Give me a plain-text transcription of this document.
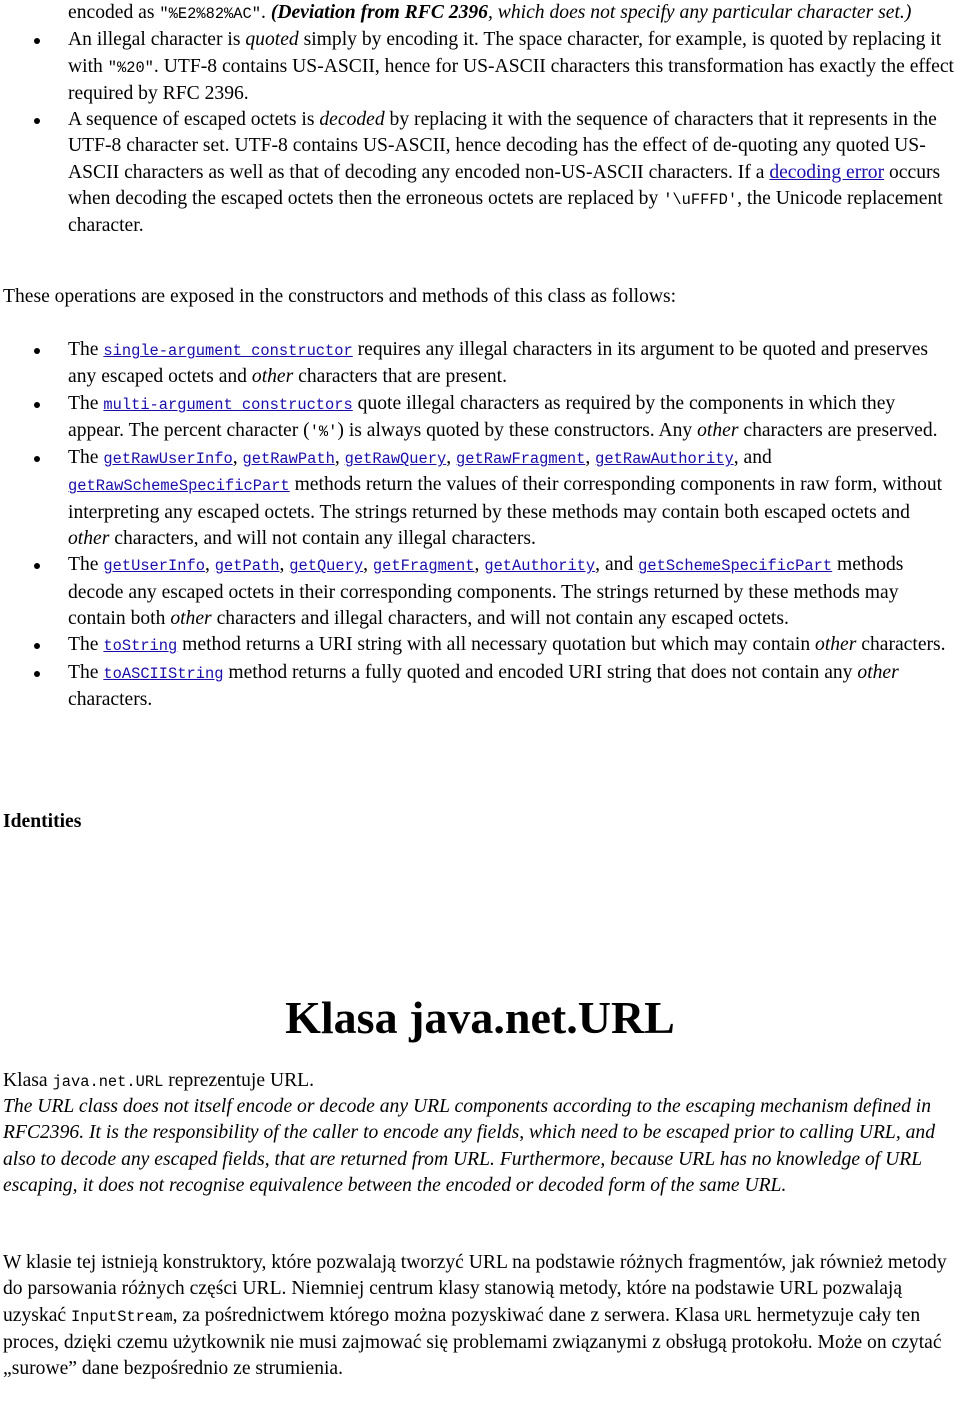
encoded as "%E2%82%AC". (Deviation from RFC 2396, which does not specify any particular character set.)
An illegal character is quoted simply by encoding it. The space character, for example, is quoted by replacing it with "%20". UTF-8 contains US-ASCII, hence for US-ASCII characters this transformation has exactly the effect required by RFC 2396.
A sequence of escaped octets is decoded by replacing it with the sequence of characters that it represents in the UTF-8 character set. UTF-8 contains US-ASCII, hence decoding has the effect of de-quoting any quoted US-ASCII characters as well as that of decoding any encoded non-US-ASCII characters. If a decoding error occurs when decoding the escaped octets then the erroneous octets are replaced by '\uFFFD', the Unicode replacement character.

These operations are exposed in the constructors and methods of this class as follows:

The single-argument constructor requires any illegal characters in its argument to be quoted and preserves any escaped octets and other characters that are present.
The multi-argument constructors quote illegal characters as required by the components in which they appear. The percent character ('%') is always quoted by these constructors. Any other characters are preserved.
The getRawUserInfo, getRawPath, getRawQuery, getRawFragment, getRawAuthority, and getRawSchemeSpecificPart methods return the values of their corresponding components in raw form, without interpreting any escaped octets. The strings returned by these methods may contain both escaped octets and other characters, and will not contain any illegal characters.
The getUserInfo, getPath, getQuery, getFragment, getAuthority, and getSchemeSpecificPart methods decode any escaped octets in their corresponding components. The strings returned by these methods may contain both other characters and illegal characters, and will not contain any escaped octets.
The toString method returns a URI string with all necessary quotation but which may contain other characters.
The toASCIIString method returns a fully quoted and encoded URI string that does not contain any other characters.
Identities
Klasa java.net.URL

Klasa java.net.URL reprezentuje URL.

The URL class does not itself encode or decode any URL components according to the escaping mechanism defined in RFC2396. It is the responsibility of the caller to encode any fields, which need to be escaped prior to calling URL, and also to decode any escaped fields, that are returned from URL. Furthermore, because URL has no knowledge of URL escaping, it does not recognise equivalence between the encoded or decoded form of the same URL.

W klasie tej istnieją konstruktory, które pozwalają tworzyć URL na podstawie różnych fragmentów, jak również metody do parsowania różnych części URL. Niemniej centrum klasy stanowią metody, które na podstawie URL pozwalają uzyskać InputStream, za pośrednictwem którego można pozyskiwać dane z serwera. Klasa URL hermetyzuje cały ten proces, dzięki czemu użytkownik nie musi zajmować się problemami związanymi z obsługą protokołu. Może on czytać „surowe” dane bezpośrednio ze strumienia.
